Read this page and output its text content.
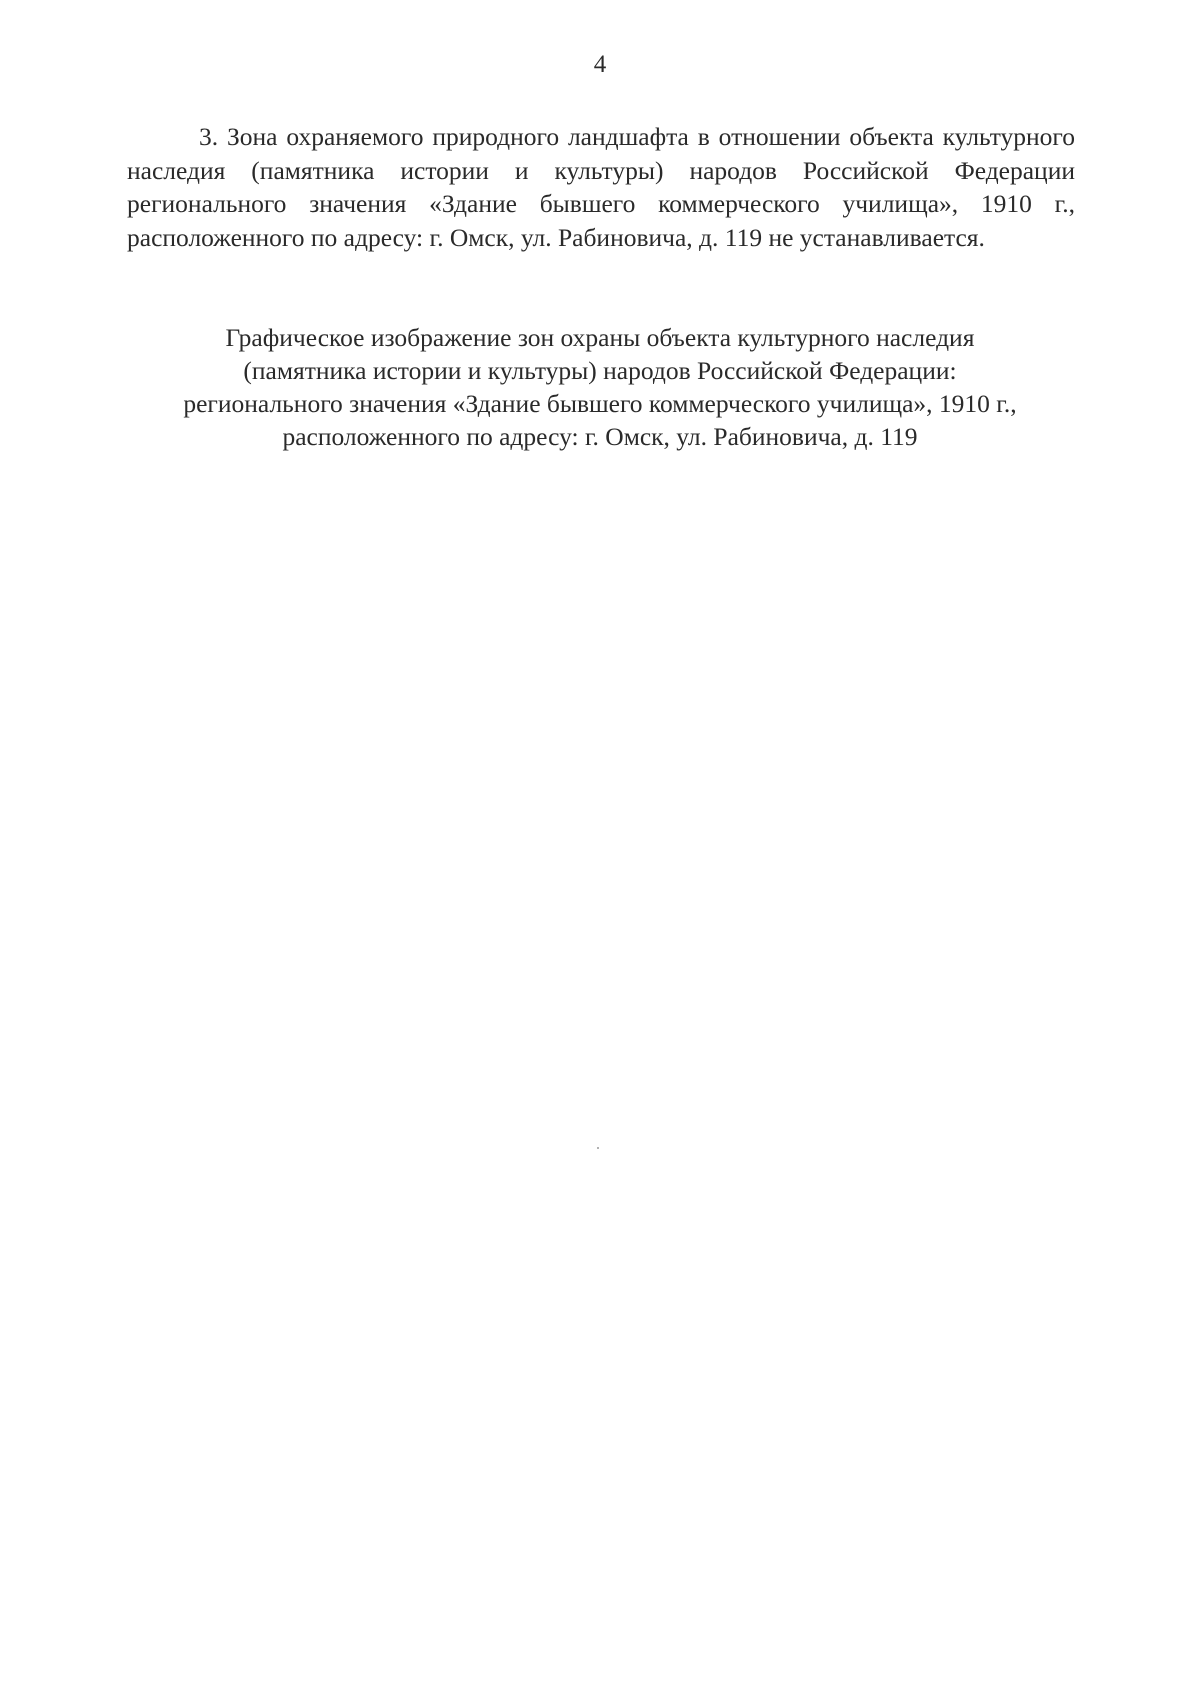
4

3. Зона охраняемого природного ландшафта в отношении объекта культурного наследия (памятника истории и культуры) народов Российской Федерации регионального значения «Здание бывшего коммерческого училища», 1910 г., расположенного по адресу: г. Омск, ул. Рабиновича, д. 119 не устанавливается.

Графическое изображение зон охраны объекта культурного наследия
(памятника истории и культуры) народов Российской Федерации:
регионального значения «Здание бывшего коммерческого училища», 1910 г.,
расположенного по адресу: г. Омск, ул. Рабиновича, д. 119
